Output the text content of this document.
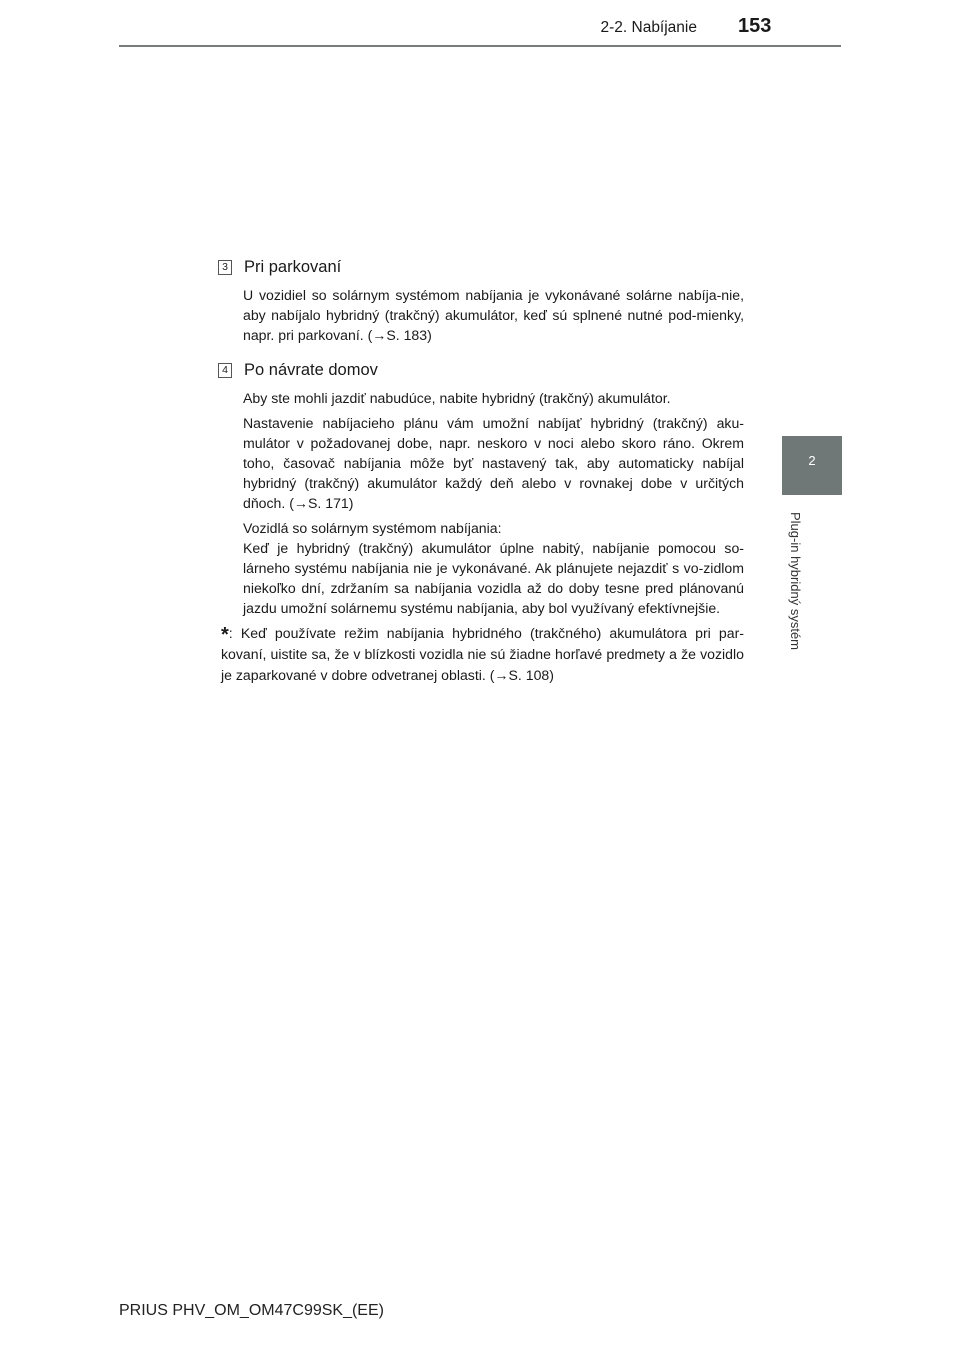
2-2. Nabíjanie 153
2
Plug-in hybridný systém
3 Pri parkovaní

U vozidiel so solárnym systémom nabíjania je vykonávané solárne nabíja-nie, aby nabíjalo hybridný (trakčný) akumulátor, keď sú splnené nutné pod-mienky, napr. pri parkovaní. (→S. 183)

4 Po návrate domov

Aby ste mohli jazdiť nabudúce, nabite hybridný (trakčný) akumulátor.

Nastavenie nabíjacieho plánu vám umožní nabíjať hybridný (trakčný) aku-mulátor v požadovanej dobe, napr. neskoro v noci alebo skoro ráno. Okrem toho, časovač nabíjania môže byť nastavený tak, aby automaticky nabíjal hybridný (trakčný) akumulátor každý deň alebo v rovnakej dobe v určitých dňoch. (→S. 171)

Vozidlá so solárnym systémom nabíjania:

Keď je hybridný (trakčný) akumulátor úplne nabitý, nabíjanie pomocou so-lárneho systému nabíjania nie je vykonávané. Ak plánujete nejazdiť s vo-zidlom niekoľko dní, zdržaním sa nabíjania vozidla až do doby tesne pred plánovanú jazdu umožní solárnemu systému nabíjania, aby bol využívaný efektívnejšie.

*: Keď používate režim nabíjania hybridného (trakčného) akumulátora pri par-kovaní, uistite sa, že v blízkosti vozidla nie sú žiadne horľavé predmety a že vozidlo je zaparkované v dobre odvetranej oblasti. (→S. 108)
PRIUS PHV_OM_OM47C99SK_(EE)
